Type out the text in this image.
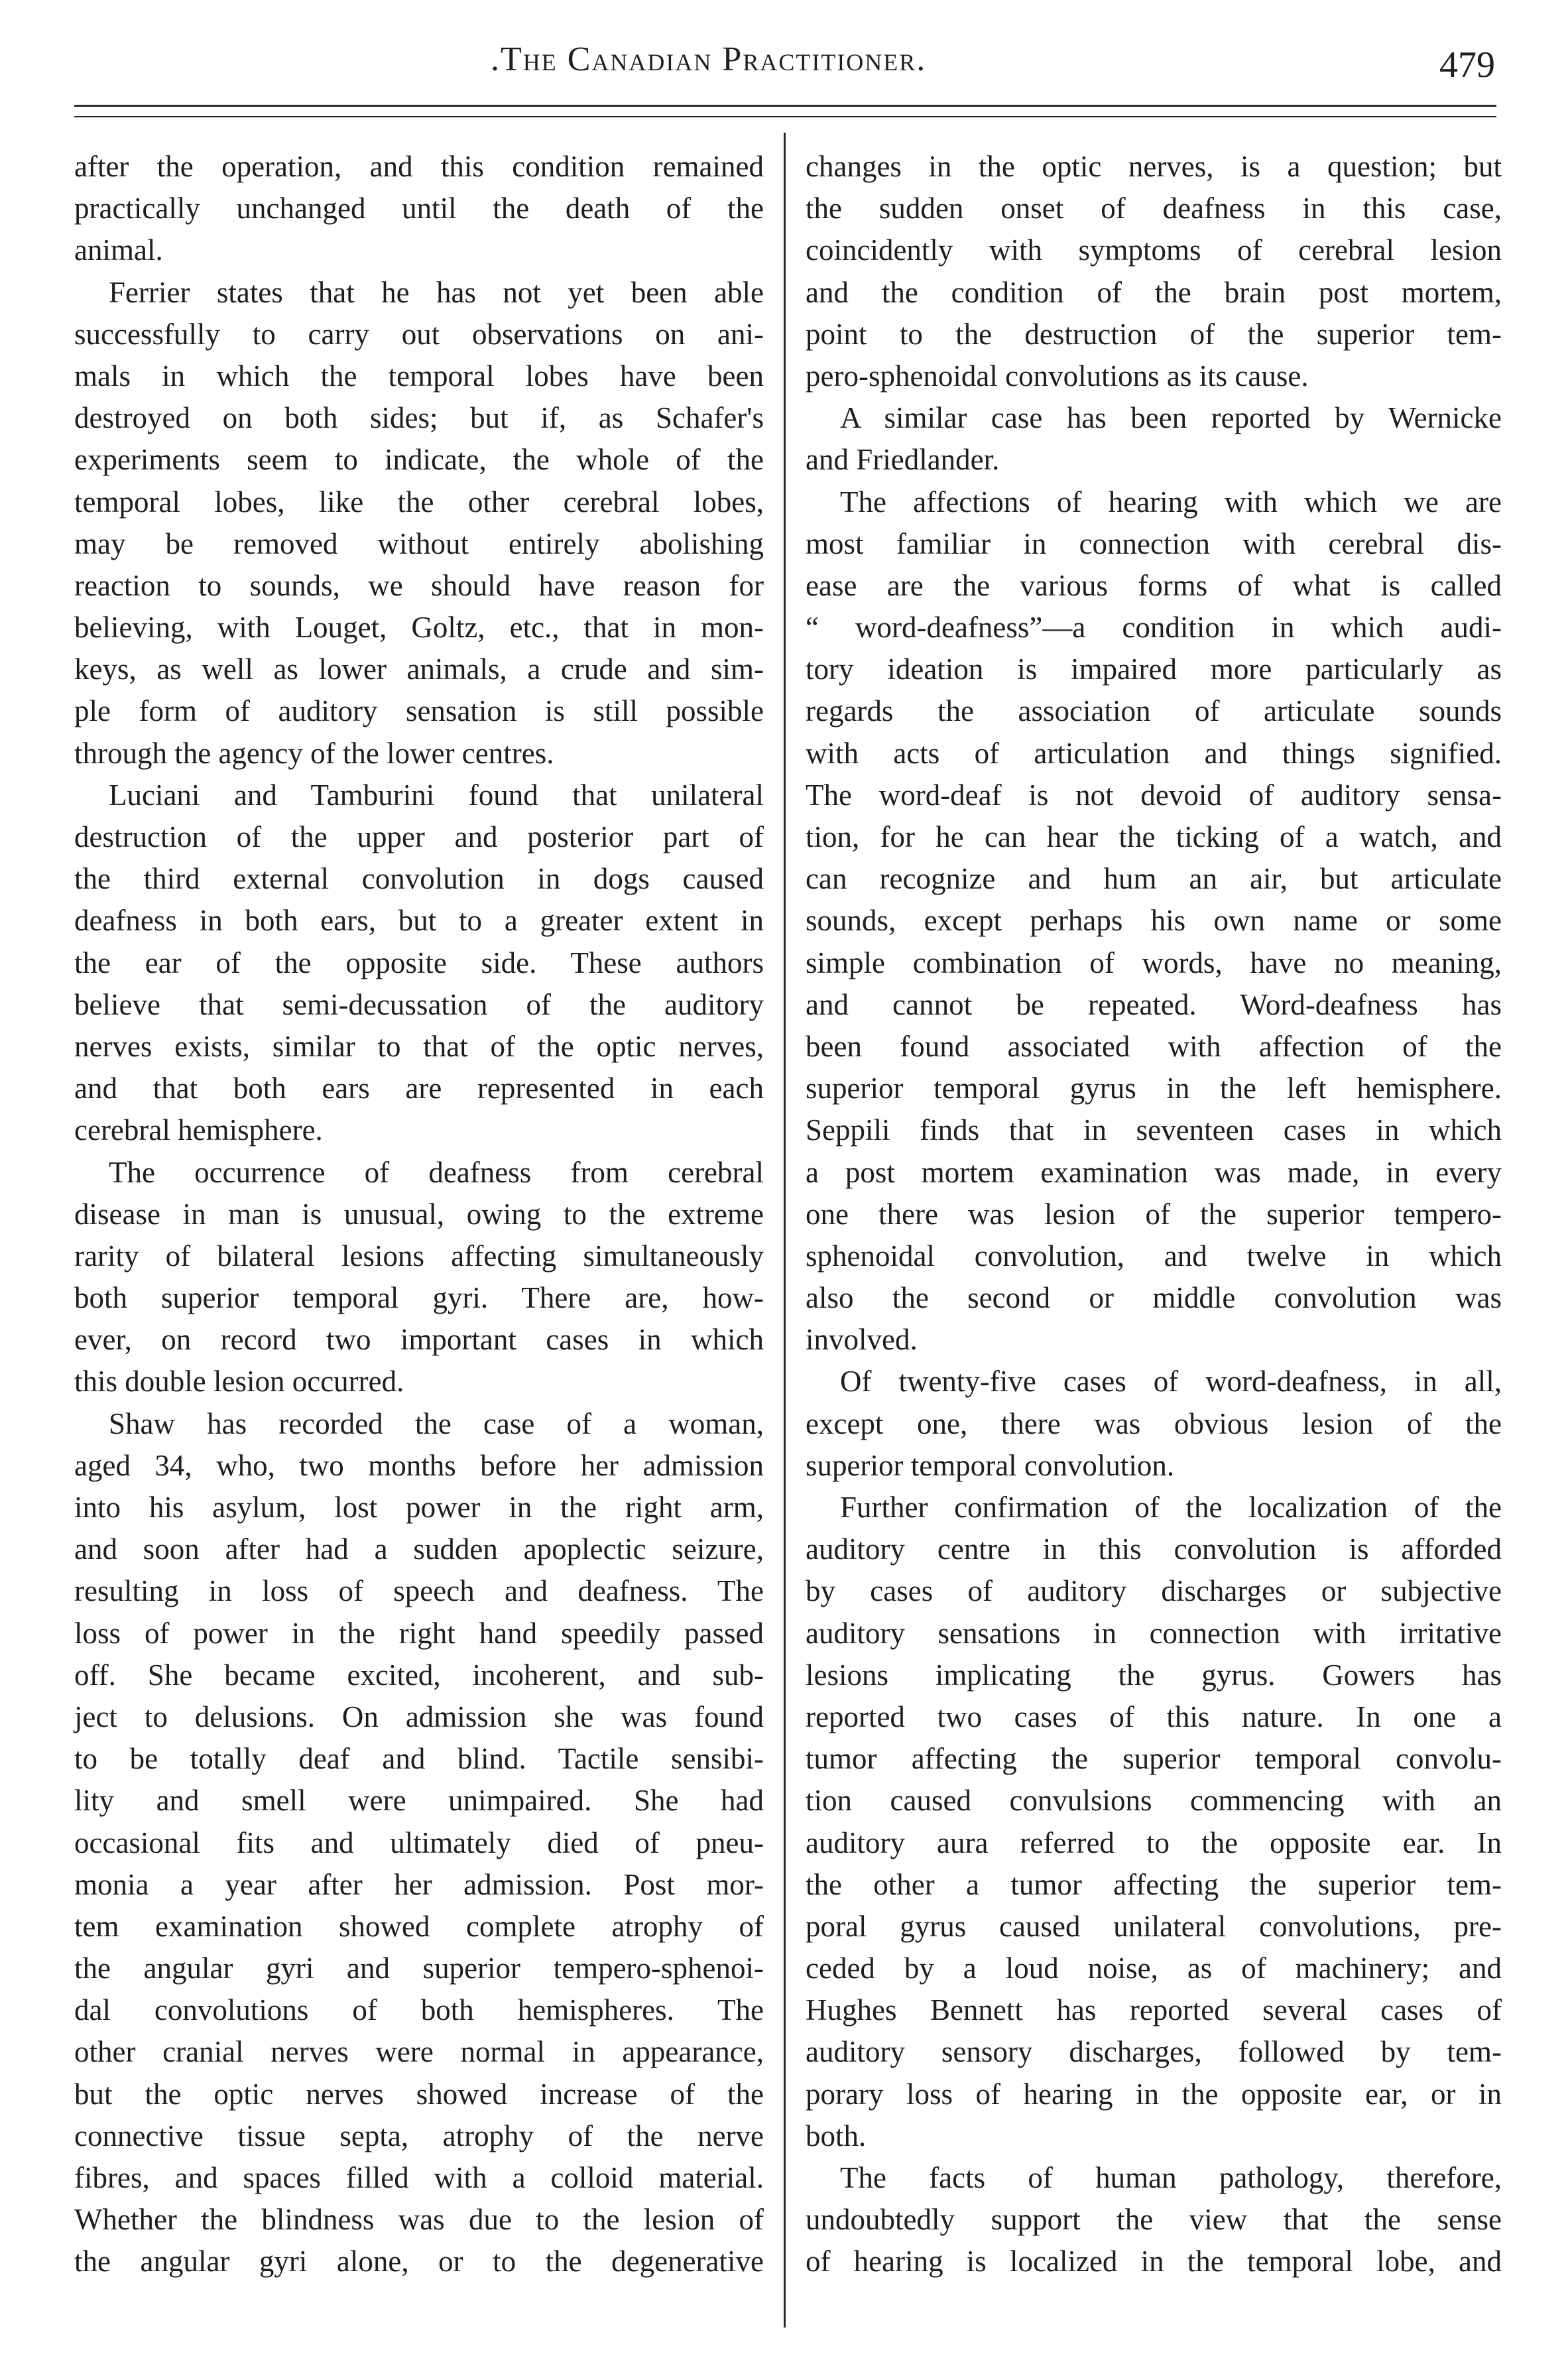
.The Canadian Practitioner.	479
after the operation, and this condition remained
practically unchanged until the death of the
animal.
Ferrier states that he has not yet been able
successfully to carry out observations on ani-
mals in which the temporal lobes have been
destroyed on both sides; but if, as Schafer's
experiments seem to indicate, the whole of the
temporal lobes, like the other cerebral lobes,
may be removed without entirely abolishing
reaction to sounds, we should have reason for
believing, with Louget, Goltz, etc., that in mon-
keys, as well as lower animals, a crude and sim-
ple form of auditory sensation is still possible
through the agency of the lower centres.
Luciani and Tamburini found that unilateral
destruction of the upper and posterior part of
the third external convolution in dogs caused
deafness in both ears, but to a greater extent in
the ear of the opposite side. These authors
believe that semi-decussation of the auditory
nerves exists, similar to that of the optic nerves,
and that both ears are represented in each
cerebral hemisphere.
The occurrence of deafness from cerebral
disease in man is unusual, owing to the extreme
rarity of bilateral lesions affecting simultaneously
both superior temporal gyri. There are, how-
ever, on record two important cases in which
this double lesion occurred.
Shaw has recorded the case of a woman,
aged 34, who, two months before her admission
into his asylum, lost power in the right arm,
and soon after had a sudden apoplectic seizure,
resulting in loss of speech and deafness. The
loss of power in the right hand speedily passed
off. She became excited, incoherent, and sub-
ject to delusions. On admission she was found
to be totally deaf and blind. Tactile sensibi-
lity and smell were unimpaired. She had
occasional fits and ultimately died of pneu-
monia a year after her admission. Post mor-
tem examination showed complete atrophy of
the angular gyri and superior tempero-sphenoi-
dal convolutions of both hemispheres. The
other cranial nerves were normal in appearance,
but the optic nerves showed increase of the
connective tissue septa, atrophy of the nerve
fibres, and spaces filled with a colloid material.
Whether the blindness was due to the lesion of
the angular gyri alone, or to the degenerative
changes in the optic nerves, is a question; but
the sudden onset of deafness in this case,
coincidently with symptoms of cerebral lesion
and the condition of the brain post mortem,
point to the destruction of the superior tem-
pero-sphenoidal convolutions as its cause.
A similar case has been reported by Wernicke
and Friedlander.
The affections of hearing with which we are
most familiar in connection with cerebral dis-
ease are the various forms of what is called
“ word-deafness”—a condition in which audi-
tory ideation is impaired more particularly as
regards the association of articulate sounds
with acts of articulation and things signified.
The word-deaf is not devoid of auditory sensa-
tion, for he can hear the ticking of a watch, and
can recognize and hum an air, but articulate
sounds, except perhaps his own name or some
simple combination of words, have no meaning,
and cannot be repeated. Word-deafness has
been found associated with affection of the
superior temporal gyrus in the left hemisphere.
Seppili finds that in seventeen cases in which
a post mortem examination was made, in every
one there was lesion of the superior tempero-
sphenoidal convolution, and twelve in which
also the second or middle convolution was
involved.
Of twenty-five cases of word-deafness, in all,
except one, there was obvious lesion of the
superior temporal convolution.
Further confirmation of the localization of the
auditory centre in this convolution is afforded
by cases of auditory discharges or subjective
auditory sensations in connection with irritative
lesions implicating the gyrus. Gowers has
reported two cases of this nature. In one a
tumor affecting the superior temporal convolu-
tion caused convulsions commencing with an
auditory aura referred to the opposite ear. In
the other a tumor affecting the superior tem-
poral gyrus caused unilateral convolutions, pre-
ceded by a loud noise, as of machinery; and
Hughes Bennett has reported several cases of
auditory sensory discharges, followed by tem-
porary loss of hearing in the opposite ear, or in
both.
The facts of human pathology, therefore,
undoubtedly support the view that the sense
of hearing is localized in the temporal lobe, and
